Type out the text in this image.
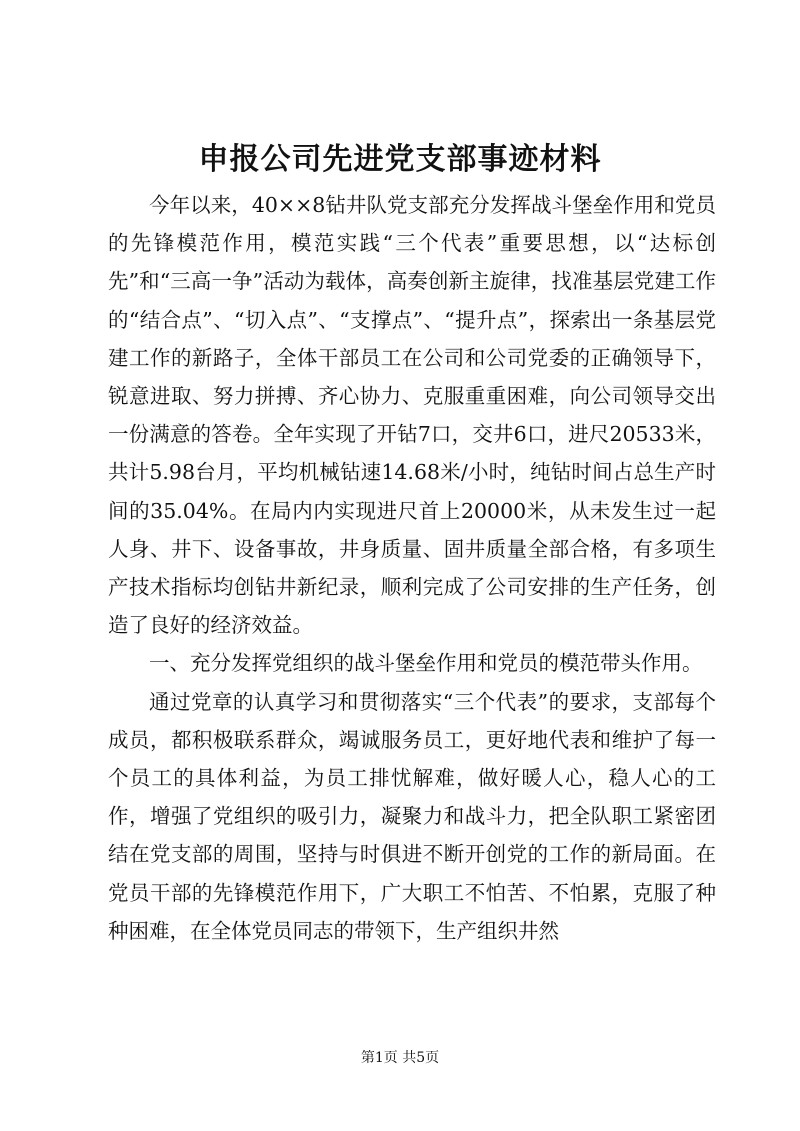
申报公司先进党支部事迹材料

今年以来，40××8钻井队党支部充分发挥战斗堡垒作用和党员的先锋模范作用，模范实践“三个代表”重要思想，以“达标创先”和“三高一争”活动为载体，高奏创新主旋律，找准基层党建工作的“结合点”、“切入点”、“支撑点”、“提升点”，探索出一条基层党建工作的新路子，全体干部员工在公司和公司党委的正确领导下，锐意进取、努力拼搏、齐心协力、克服重重困难，向公司领导交出一份满意的答卷。全年实现了开钻7口，交井6口，进尺20533米，共计5.98台月，平均机械钻速14.68米/小时，纯钻时间占总生产时间的35.04%。在局内内实现进尺首上20000米，从未发生过一起人身、井下、设备事故，井身质量、固井质量全部合格，有多项生产技术指标均创钻井新纪录，顺利完成了公司安排的生产任务，创造了良好的经济效益。

一、充分发挥党组织的战斗堡垒作用和党员的模范带头作用。

通过党章的认真学习和贯彻落实“三个代表”的要求，支部每个成员，都积极联系群众，竭诚服务员工，更好地代表和维护了每一个员工的具体利益，为员工排忧解难，做好暖人心，稳人心的工作，增强了党组织的吸引力，凝聚力和战斗力，把全队职工紧密团结在党支部的周围，坚持与时俱进不断开创党的工作的新局面。在党员干部的先锋模范作用下，广大职工不怕苦、不怕累，克服了种种困难，在全体党员同志的带领下，生产组织井然

第1页 共5页
